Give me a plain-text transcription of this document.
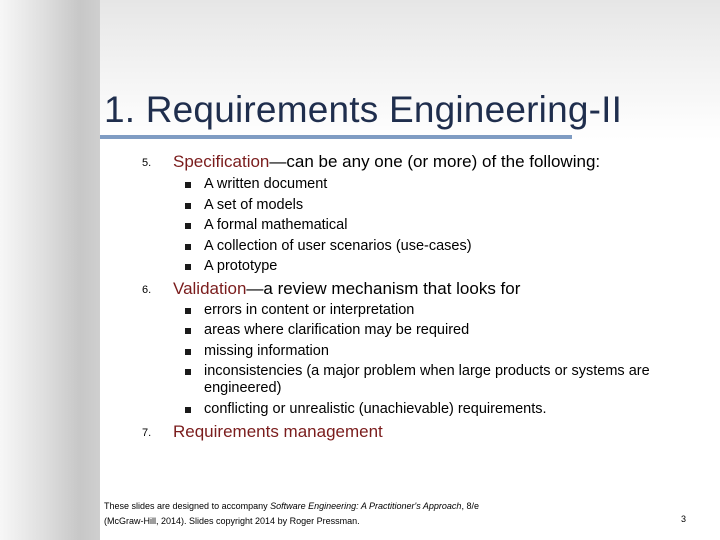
1. Requirements Engineering-II
5. Specification—can be any one (or more) of the following:
A written document
A set of models
A formal mathematical
A collection of user scenarios (use-cases)
A prototype
6. Validation—a review mechanism that looks for
errors in content or interpretation
areas where clarification may be required
missing information
inconsistencies (a major problem when large products or systems are engineered)
conflicting or unrealistic (unachievable) requirements.
7. Requirements management
These slides are designed to accompany Software Engineering: A Practitioner's Approach, 8/e
(McGraw-Hill, 2014). Slides copyright 2014 by Roger Pressman.	3
